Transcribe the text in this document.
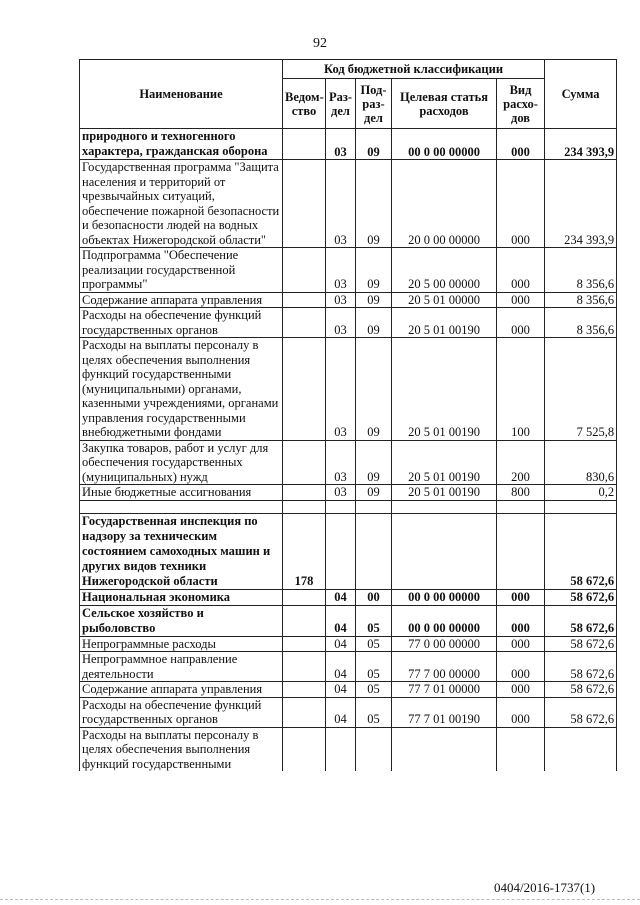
92
Наименование	Код бюджетной классификации					Сумма
	Ведом-ство	Раз-дел	Под-раз-дел	Целевая статья расходов	Вид расхо-дов	
природного и техногенного характера, гражданская оборона		03	09	00 0 00 00000	000	234 393,9
Государственная программа "Защита населения и территорий от чрезвычайных ситуаций, обеспечение пожарной безопасности и безопасности людей на водных объектах Нижегородской области"		03	09	20 0 00 00000	000	234 393,9
Подпрограмма "Обеспечение реализации государственной программы"		03	09	20 5 00 00000	000	8 356,6
Содержание аппарата управления		03	09	20 5 01 00000	000	8 356,6
Расходы на обеспечение функций государственных органов		03	09	20 5 01 00190	000	8 356,6
Расходы на выплаты персоналу в целях обеспечения выполнения функций государственными (муниципальными) органами, казенными учреждениями, органами управления государственными внебюджетными фондами		03	09	20 5 01 00190	100	7 525,8
Закупка товаров, работ и услуг для обеспечения государственных (муниципальных) нужд		03	09	20 5 01 00190	200	830,6
Иные бюджетные ассигнования		03	09	20 5 01 00190	800	0,2

Государственная инспекция по надзору за техническим состоянием самоходных машин и других видов техники Нижегородской области	178					58 672,6
Национальная экономика		04	00	00 0 00 00000	000	58 672,6
Сельское хозяйство и рыболовство		04	05	00 0 00 00000	000	58 672,6
Непрограммные расходы		04	05	77 0 00 00000	000	58 672,6
Непрограммное направление деятельности		04	05	77 7 00 00000	000	58 672,6
Содержание аппарата управления		04	05	77 7 01 00000	000	58 672,6
Расходы на обеспечение функций государственных органов		04	05	77 7 01 00190	000	58 672,6
Расходы на выплаты персоналу в целях обеспечения выполнения функций государственными						
0404/2016-1737(1)
